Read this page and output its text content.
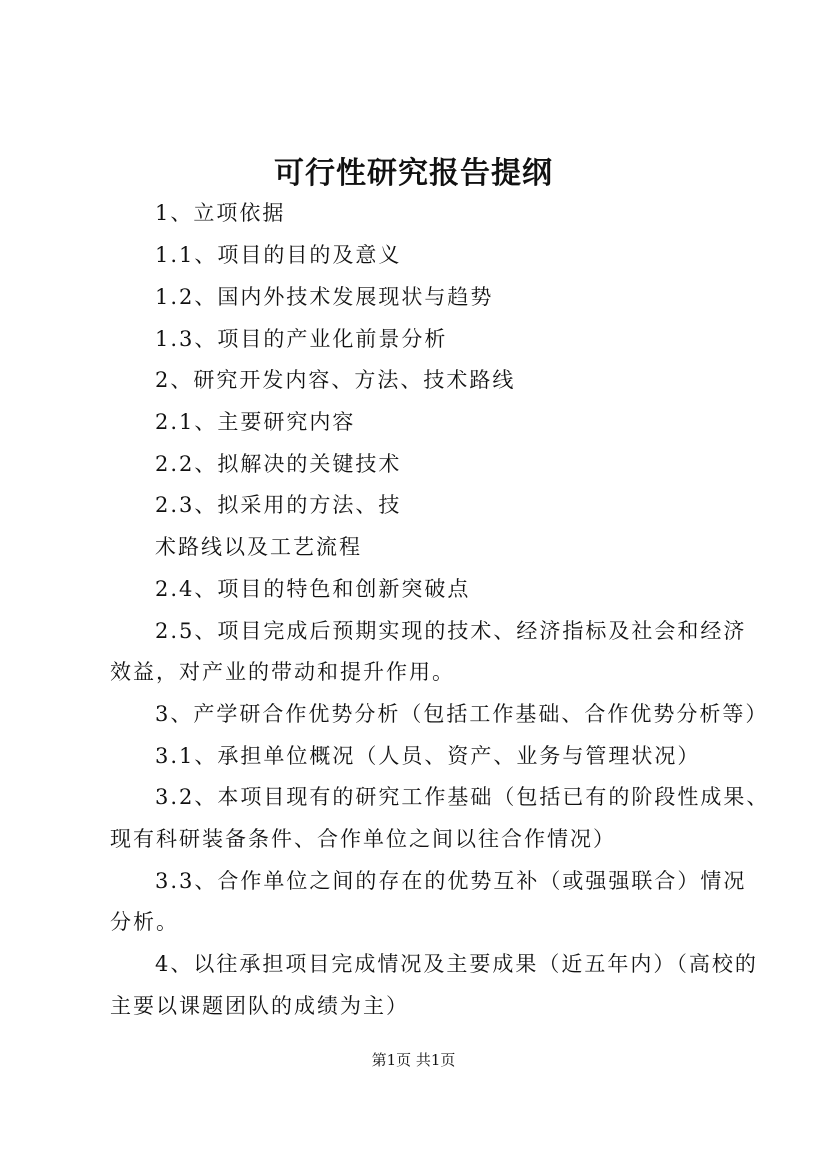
可行性研究报告提纲
1、立项依据
1.1、项目的目的及意义
1.2、国内外技术发展现状与趋势
1.3、项目的产业化前景分析
2、研究开发内容、方法、技术路线
2.1、主要研究内容
2.2、拟解决的关键技术
2.3、拟采用的方法、技
术路线以及工艺流程
2.4、项目的特色和创新突破点
2.5、项目完成后预期实现的技术、经济指标及社会和经济
效益，对产业的带动和提升作用。
3、产学研合作优势分析（包括工作基础、合作优势分析等）
3.1、承担单位概况（人员、资产、业务与管理状况）
3.2、本项目现有的研究工作基础（包括已有的阶段性成果、
现有科研装备条件、合作单位之间以往合作情况）
3.3、合作单位之间的存在的优势互补（或强强联合）情况
分析。
4、以往承担项目完成情况及主要成果（近五年内）（高校的
主要以课题团队的成绩为主）
第1页 共1页
